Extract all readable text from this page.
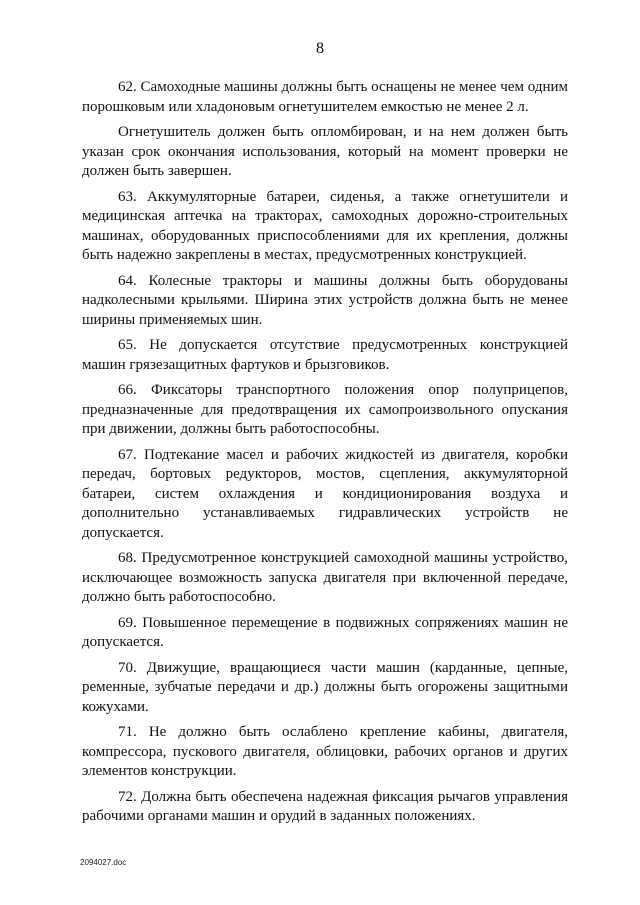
8

62. Самоходные машины должны быть оснащены не менее чем одним порошковым или хладоновым огнетушителем емкостью не менее 2 л.

Огнетушитель должен быть опломбирован, и на нем должен быть указан срок окончания использования, который на момент проверки не должен быть завершен.

63. Аккумуляторные батареи, сиденья, а также огнетушители и медицинская аптечка на тракторах, самоходных дорожно-строительных машинах, оборудованных приспособлениями для их крепления, должны быть надежно закреплены в местах, предусмотренных конструкцией.

64. Колесные тракторы и машины должны быть оборудованы надколесными крыльями. Ширина этих устройств должна быть не менее ширины применяемых шин.

65. Не допускается отсутствие предусмотренных конструкцией машин грязезащитных фартуков и брызговиков.

66. Фиксаторы транспортного положения опор полуприцепов, предназначенные для предотвращения их самопроизвольного опускания при движении, должны быть работоспособны.

67. Подтекание масел и рабочих жидкостей из двигателя, коробки передач, бортовых редукторов, мостов, сцепления, аккумуляторной батареи, систем охлаждения и кондиционирования воздуха и дополнительно устанавливаемых гидравлических устройств не допускается.

68. Предусмотренное конструкцией самоходной машины устройство, исключающее возможность запуска двигателя при включенной передаче, должно быть работоспособно.

69. Повышенное перемещение в подвижных сопряжениях машин не допускается.

70. Движущие, вращающиеся части машин (карданные, цепные, ременные, зубчатые передачи и др.) должны быть огорожены защитными кожухами.

71. Не должно быть ослаблено крепление кабины, двигателя, компрессора, пускового двигателя, облицовки, рабочих органов и других элементов конструкции.

72. Должна быть обеспечена надежная фиксация рычагов управления рабочими органами машин и орудий в заданных положениях.

2094027.doc
